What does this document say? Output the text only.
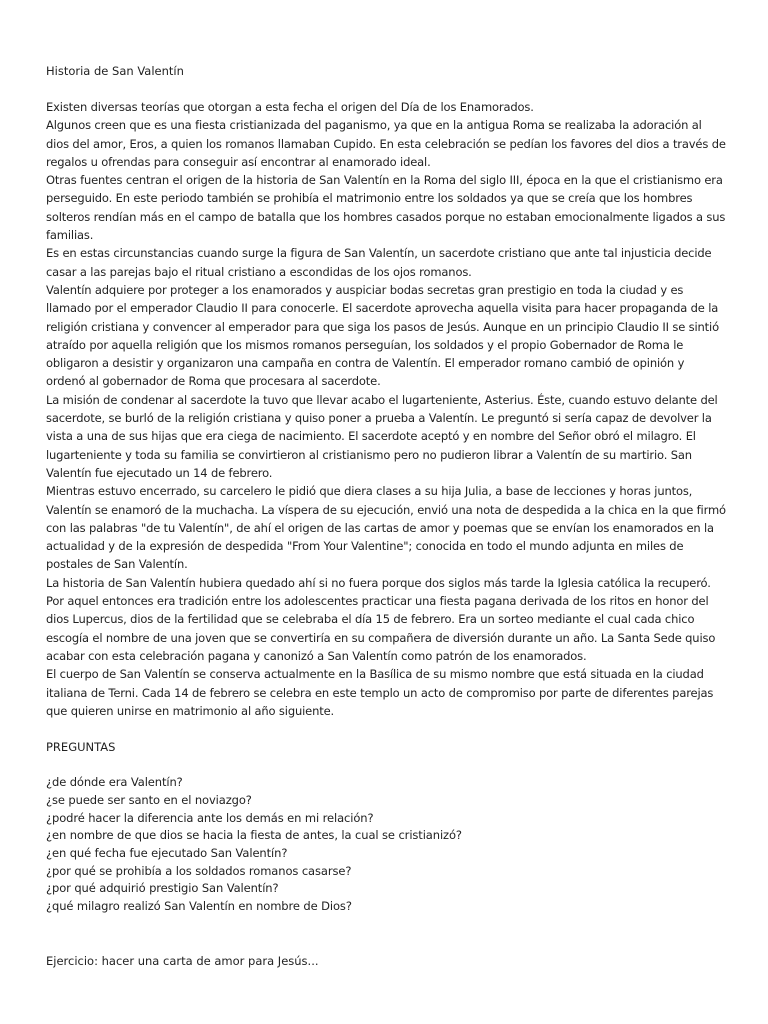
Historia de San Valentín

Existen diversas teorías que otorgan a esta fecha el origen del Día de los Enamorados.

Algunos creen que es una fiesta cristianizada del paganismo, ya que en la antigua Roma se realizaba la adoración al dios del amor, Eros, a quien los romanos llamaban Cupido. En esta celebración se pedían los favores del dios a través de regalos u ofrendas para conseguir así encontrar al enamorado ideal.

Otras fuentes centran el origen de la historia de San Valentín en la Roma del siglo III, época en la que el cristianismo era perseguido. En este periodo también se prohibía el matrimonio entre los soldados ya que se creía que los hombres solteros rendían más en el campo de batalla que los hombres casados porque no estaban emocionalmente ligados a sus familias.

Es en estas circunstancias cuando surge la figura de San Valentín, un sacerdote cristiano que ante tal injusticia decide casar a las parejas bajo el ritual cristiano a escondidas de los ojos romanos.

Valentín adquiere por proteger a los enamorados y auspiciar bodas secretas gran prestigio en toda la ciudad y es llamado por el emperador Claudio II para conocerle. El sacerdote aprovecha aquella visita para hacer propaganda de la religión cristiana y convencer al emperador para que siga los pasos de Jesús. Aunque en un principio Claudio II se sintió atraído por aquella religión que los mismos romanos perseguían, los soldados y el propio Gobernador de Roma le obligaron a desistir y organizaron una campaña en contra de Valentín. El emperador romano cambió de opinión y ordenó al gobernador de Roma que procesara al sacerdote.

La misión de condenar al sacerdote la tuvo que llevar acabo el lugarteniente, Asterius. Éste, cuando estuvo delante del sacerdote, se burló de la religión cristiana y quiso poner a prueba a Valentín. Le preguntó si sería capaz de devolver la vista a una de sus hijas que era ciega de nacimiento. El sacerdote aceptó y en nombre del Señor obró el milagro. El lugarteniente y toda su familia se convirtieron al cristianismo pero no pudieron librar a Valentín de su martirio. San Valentín fue ejecutado un 14 de febrero.

Mientras estuvo encerrado, su carcelero le pidió que diera clases a su hija Julia, a base de lecciones y horas juntos, Valentín se enamoró de la muchacha. La víspera de su ejecución, envió una nota de despedida a la chica en la que firmó con las palabras "de tu Valentín", de ahí el origen de las cartas de amor y poemas que se envían los enamorados en la actualidad y de la expresión de despedida "From Your Valentine"; conocida en todo el mundo adjunta en miles de postales de San Valentín.

La historia de San Valentín hubiera quedado ahí si no fuera porque dos siglos más tarde la Iglesia católica la recuperó. Por aquel entonces era tradición entre los adolescentes practicar una fiesta pagana derivada de los ritos en honor del dios Lupercus, dios de la fertilidad que se celebraba el día 15 de febrero. Era un sorteo mediante el cual cada chico escogía el nombre de una joven que se convertiría en su compañera de diversión durante un año. La Santa Sede quiso acabar con esta celebración pagana y canonizó a San Valentín como patrón de los enamorados.

El cuerpo de San Valentín se conserva actualmente en la Basílica de su mismo nombre que está situada en la ciudad italiana de Terni. Cada 14 de febrero se celebra en este templo un acto de compromiso por parte de diferentes parejas que quieren unirse en matrimonio al año siguiente.

PREGUNTAS
¿de dónde era Valentín?
¿se puede ser santo en el noviazgo?
¿podré hacer la diferencia ante los demás en mi relación?
¿en nombre de que dios se hacia la fiesta de antes, la cual se cristianizó?
¿en qué fecha fue ejecutado San Valentín?
¿por qué se prohibía a los soldados romanos casarse?
¿por qué adquirió prestigio San Valentín?
¿qué milagro realizó San Valentín en nombre de Dios?

Ejercicio: hacer una carta de amor para Jesús...
